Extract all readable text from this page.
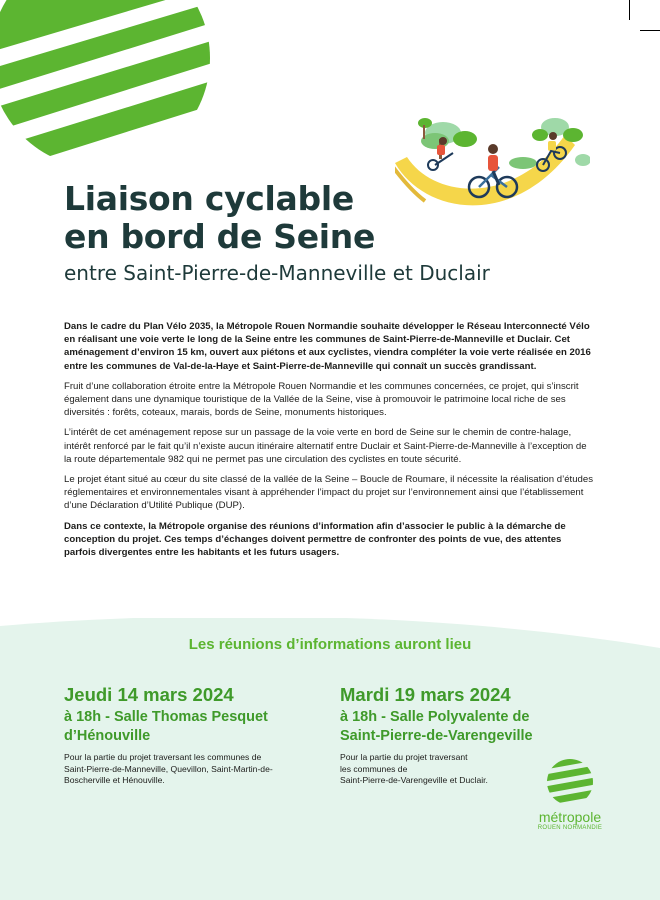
Liaison cyclable
en bord de Seine
entre Saint-Pierre-de-Manneville et Duclair

Dans le cadre du Plan Vélo 2035, la Métropole Rouen Normandie souhaite développer le Réseau Interconnecté Vélo en réalisant une voie verte le long de la Seine entre les communes de Saint-Pierre-de-Manneville et Duclair. Cet aménagement d’environ 15 km, ouvert aux piétons et aux cyclistes, viendra compléter la voie verte réalisée en 2016 entre les communes de Val-de-la-Haye et Saint-Pierre-de-Manneville qui connaît un succès grandissant.

Fruit d’une collaboration étroite entre la Métropole Rouen Normandie et les communes concernées, ce projet, qui s’inscrit également dans une dynamique touristique de la Vallée de la Seine, vise à promouvoir le patrimoine local riche de ses diversités : forêts, coteaux, marais, bords de Seine, monuments historiques.

L’intérêt de cet aménagement repose sur un passage de la voie verte en bord de Seine sur le chemin de contre-halage, intérêt renforcé par le fait qu’il n’existe aucun itinéraire alternatif entre Duclair et Saint-Pierre-de-Manneville à l’exception de la route départementale 982 qui ne permet pas une circulation des cyclistes en toute sécurité.

Le projet étant situé au cœur du site classé de la vallée de la Seine – Boucle de Roumare, il nécessite la réalisation d’études réglementaires et environnementales visant à appréhender l’impact du projet sur l’environnement ainsi que l’établissement d’une Déclaration d’Utilité Publique (DUP).

Dans ce contexte, la Métropole organise des réunions d’information afin d’associer le public à la démarche de conception du projet. Ces temps d’échanges doivent permettre de confronter des points de vue, des attentes parfois divergentes entre les habitants et les futurs usagers.

Les réunions d’informations auront lieu

Jeudi 14 mars 2024

à 18h - Salle Thomas Pesquet
d’Hénouville

Pour la partie du projet traversant les communes de
Saint-Pierre-de-Manneville, Quevillon, Saint-Martin-de-
Boscherville et Hénouville.

Mardi 19 mars 2024

à 18h - Salle Polyvalente de
Saint-Pierre-de-Varengeville

Pour la partie du projet traversant
les communes de
Saint-Pierre-de-Varengeville et Duclair.

métropole

ROUEN NORMANDIE
